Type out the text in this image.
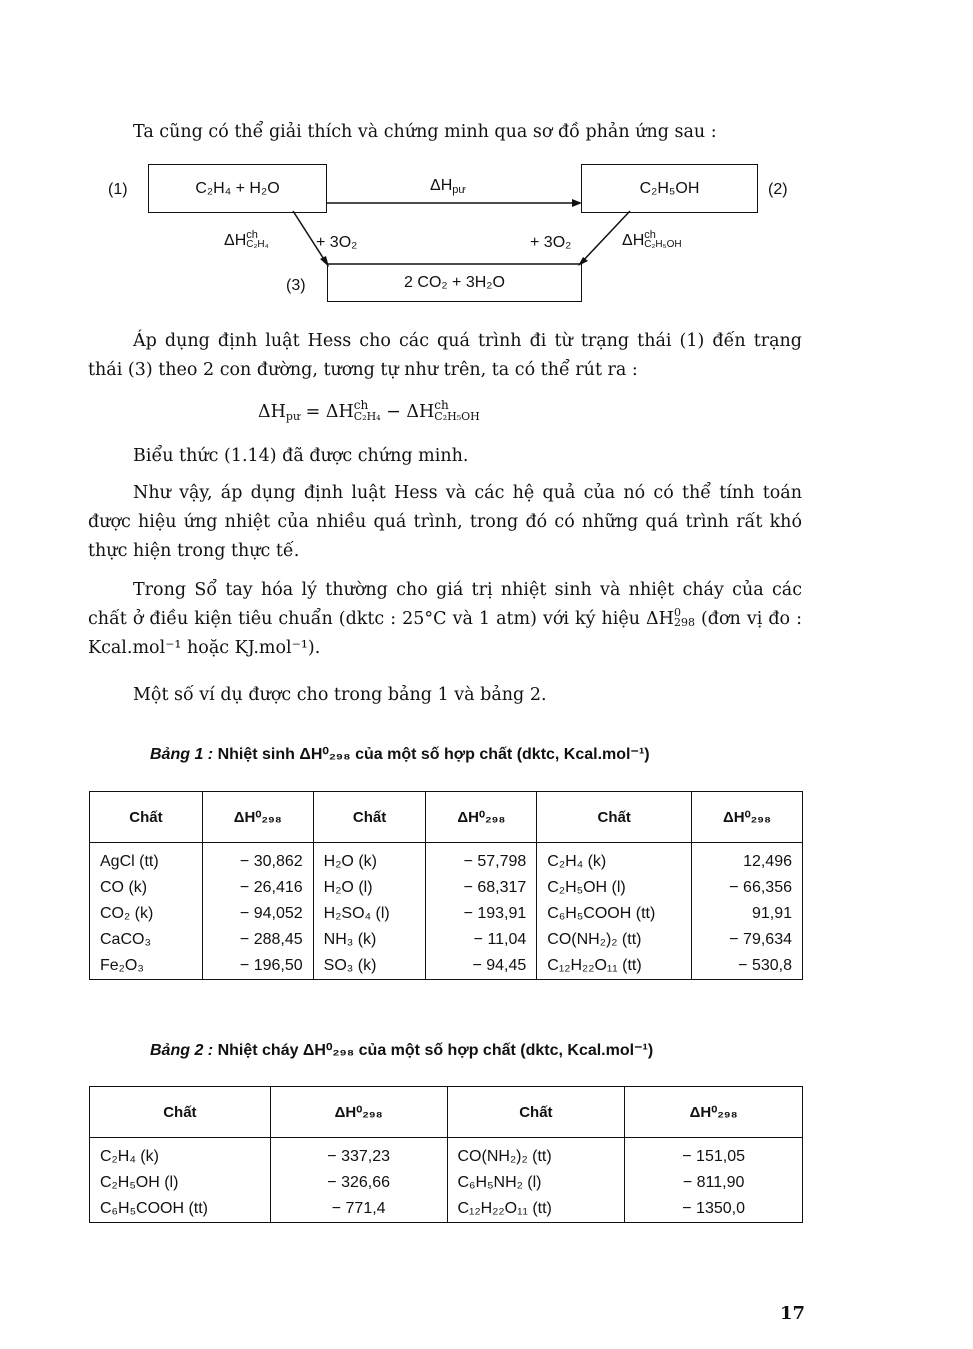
Ta cũng có thể giải thích và chứng minh qua sơ đồ phản ứng sau :
(1)	C₂H₄ + H₂O	$\Delta H_{pư}$	C₂H₅OH	(2)
ΔH ch
C₂H₄	+ 3O₂	+ 3O₂	ΔH ch
C₂H₅OH
(3)	2 CO₂ + 3H₂O
Áp dụng định luật Hess cho các quá trình đi từ trạng thái (1) đến trạng thái (3) theo 2 con đường, tương tự như trên, ta có thể rút ra :
$\Delta H_{pư} = \Delta H$ ch
C₂H₄ − ΔH ch
C₂H₅OH
Biểu thức (1.14) đã được chứng minh.
Như vậy, áp dụng định luật Hess và các hệ quả của nó có thể tính toán được hiệu ứng nhiệt của nhiều quá trình, trong đó có những quá trình rất khó thực hiện trong thực tế.
Trong Sổ tay hóa lý thường cho giá trị nhiệt sinh và nhiệt cháy của các chất ở điều kiện tiêu chuẩn (dktc : 25°C và 1 atm) với ký hiệu ΔH 0
298 (đơn vị đo : Kcal.mol⁻¹ hoặc KJ.mol⁻¹).
Một số ví dụ được cho trong bảng 1 và bảng 2.
Bảng 1 : Nhiệt sinh ΔH⁰₂₉₈ của một số hợp chất (dktc, Kcal.mol⁻¹)
Chất	ΔH⁰₂₉₈	Chất	ΔH⁰₂₉₈	Chất	ΔH⁰₂₉₈
AgCl (tt)	− 30,862	H₂O (k)	− 57,798	C₂H₄ (k)	12,496
CO (k)	− 26,416	H₂O (l)	− 68,317	C₂H₅OH (l)	− 66,356
CO₂ (k)	− 94,052	H₂SO₄ (l)	− 193,91	C₆H₅COOH (tt)	91,91
CaCO₃	− 288,45	NH₃ (k)	− 11,04	CO(NH₂)₂ (tt)	− 79,634
Fe₂O₃	− 196,50	SO₃ (k)	− 94,45	C₁₂H₂₂O₁₁ (tt)	− 530,8
Bảng 2 : Nhiệt cháy ΔH⁰₂₉₈ của một số hợp chất (dktc, Kcal.mol⁻¹)
Chất	ΔH⁰₂₉₈	Chất	ΔH⁰₂₉₈
C₂H₄ (k)	− 337,23	CO(NH₂)₂ (tt)	− 151,05
C₂H₅OH (l)	− 326,66	C₆H₅NH₂ (l)	− 811,90
C₆H₅COOH (tt)	− 771,4	C₁₂H₂₂O₁₁ (tt)	− 1350,0
17
